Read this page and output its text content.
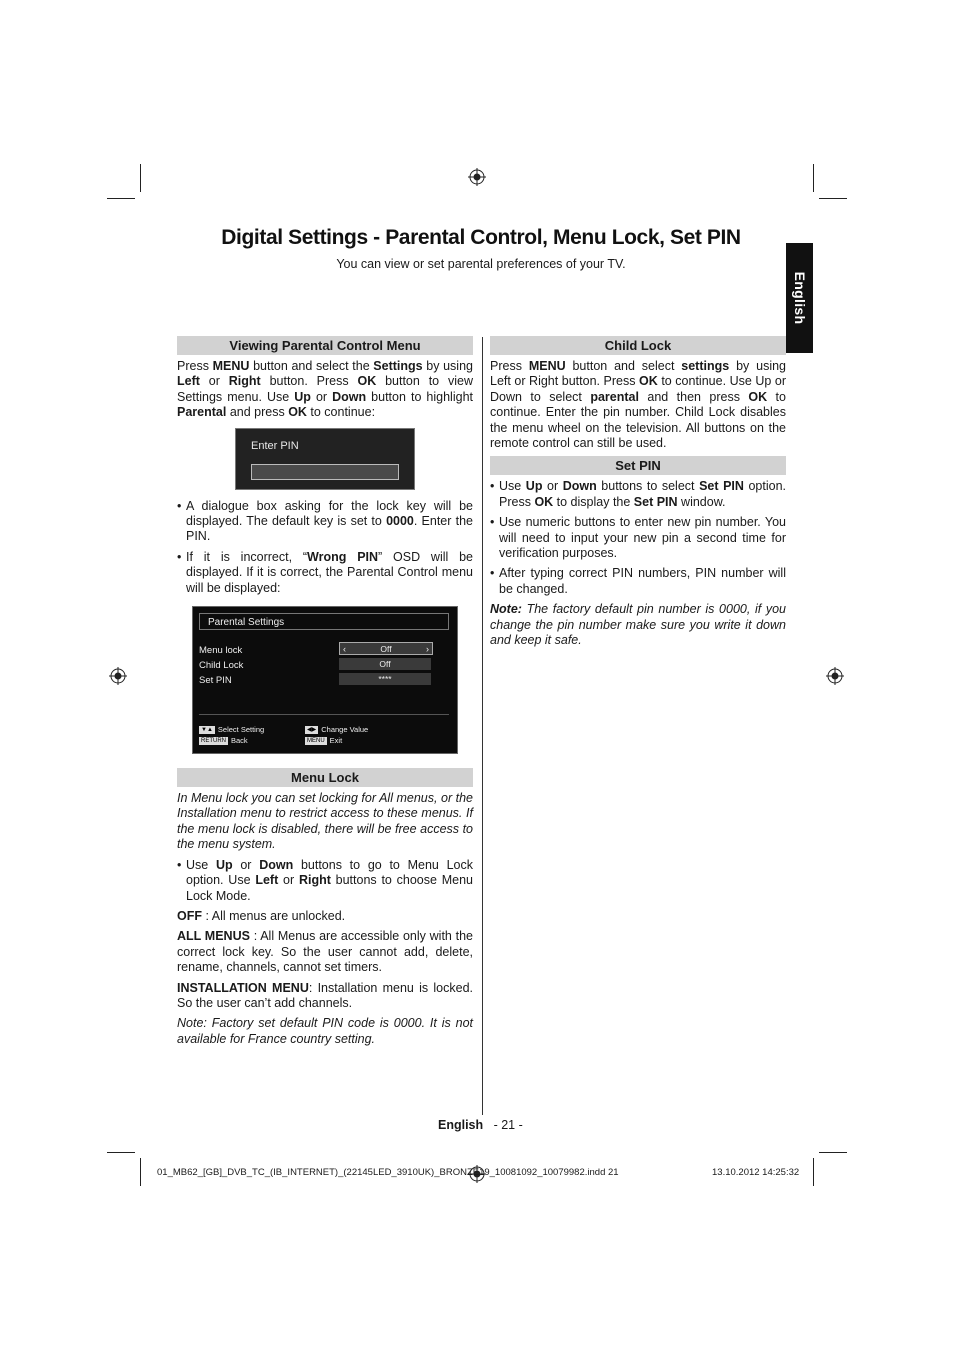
Digital Settings - Parental Control, Menu Lock, Set PIN
You can view or set parental preferences of your TV.
English
Viewing Parental Control Menu

Press MENU button and select the Settings by using Left or Right button. Press OK button to view Settings menu. Use Up or Down button to highlight Parental and press OK to continue:

Enter PIN
• A dialogue box asking for the lock key will be displayed. The default key is set to 0000. Enter the PIN.
• If it is incorrect, “Wrong PIN” OSD will be displayed. If it is correct, the Parental Control menu will be displayed:
Parental Settings
Menu lock	‹	Off	›
Child Lock	Off
Set PIN	****
▼▲ Select Setting
RETURN Back
◀▶ Change Value
MENU Exit
Menu Lock

In Menu lock you can set locking for All menus, or the Installation menu to restrict access to these menus. If the menu lock is disabled, there will be free access to the menu system.

• Use Up or Down buttons to go to Menu Lock option. Use Left or Right buttons to choose Menu Lock Mode.

OFF : All menus are unlocked.

ALL MENUS : All Menus are accessible only with the correct lock key. So the user cannot add, delete, rename, channels, cannot set timers.

INSTALLATION MENU: Installation menu is locked. So the user can’t add channels.

Note: Factory set default PIN code is 0000. It is not available for France country setting.

Child Lock

Press MENU button and select settings by using Left or Right button. Press OK to continue. Use Up or Down to select parental and then press OK to continue. Enter the pin number. Child Lock disables the menu wheel on the television. All buttons on the remote control can still be used.

Set PIN
• Use Up or Down buttons to select Set PIN option. Press OK to display the Set PIN window.
• Use numeric buttons to enter new pin number. You will need to input your new pin a second time for verification purposes.
• After typing correct PIN numbers, PIN number will be changed.

Note: The factory default pin number is 0000, if you change the pin number make sure you write it down and keep it safe.

English - 21 -
01_MB62_[GB]_DVB_TC_(IB_INTERNET)_(22145LED_3910UK)_BRONZE19_10081092_10079982.indd 21	13.10.2012 14:25:32
